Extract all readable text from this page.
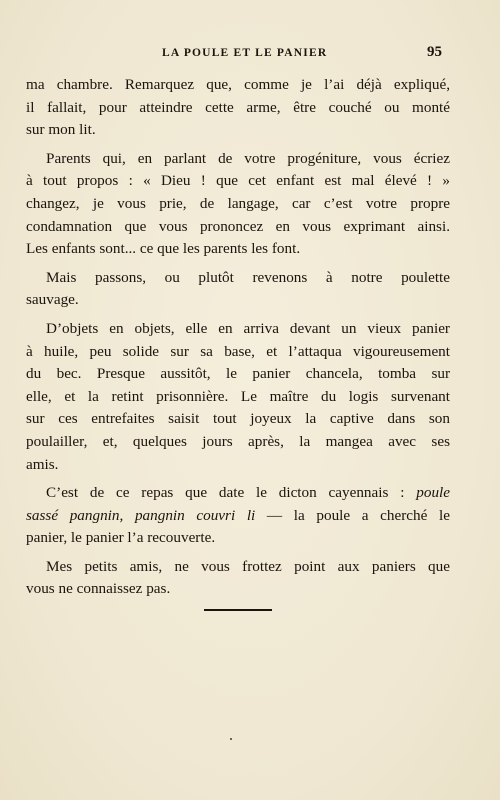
LA POULE ET LE PANIER	95
ma chambre. Remarquez que, comme je l’ai déjà expliqué,
il fallait, pour atteindre cette arme, être couché ou monté
sur mon lit.
Parents qui, en parlant de votre progéniture, vous écriez
à tout propos : « Dieu ! que cet enfant est mal élevé ! »
changez, je vous prie, de langage, car c’est votre propre
condamnation que vous prononcez en vous exprimant ainsi.
Les enfants sont... ce que les parents les font.
Mais passons, ou plutôt revenons à notre poulette
sauvage.
D’objets en objets, elle en arriva devant un vieux panier
à huile, peu solide sur sa base, et l’attaqua vigoureusement
du bec. Presque aussitôt, le panier chancela, tomba sur
elle, et la retint prisonnière. Le maître du logis survenant
sur ces entrefaites saisit tout joyeux la captive dans son
poulailler, et, quelques jours après, la mangea avec ses
amis.
C’est de ce repas que date le dicton cayennais : poule
sassé pangnin, pangnin couvri li — la poule a cherché le
panier, le panier l’a recouverte.
Mes petits amis, ne vous frottez point aux paniers que
vous ne connaissez pas.
